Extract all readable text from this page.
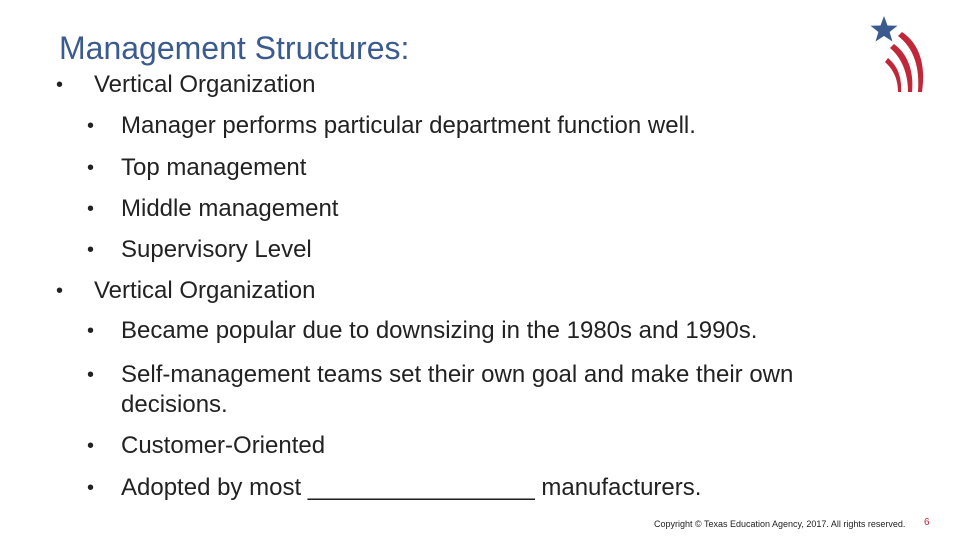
Management Structures:
• Vertical Organization
• Manager performs particular department function well.
• Top management
• Middle management
• Supervisory Level
• Vertical Organization
• Became popular due to downsizing in the 1980s and 1990s.
• Self-management teams set their own goal and make their own decisions.
• Customer-Oriented
• Adopted by most _________________ manufacturers.
Copyright © Texas Education Agency, 2017. All rights reserved. 6
